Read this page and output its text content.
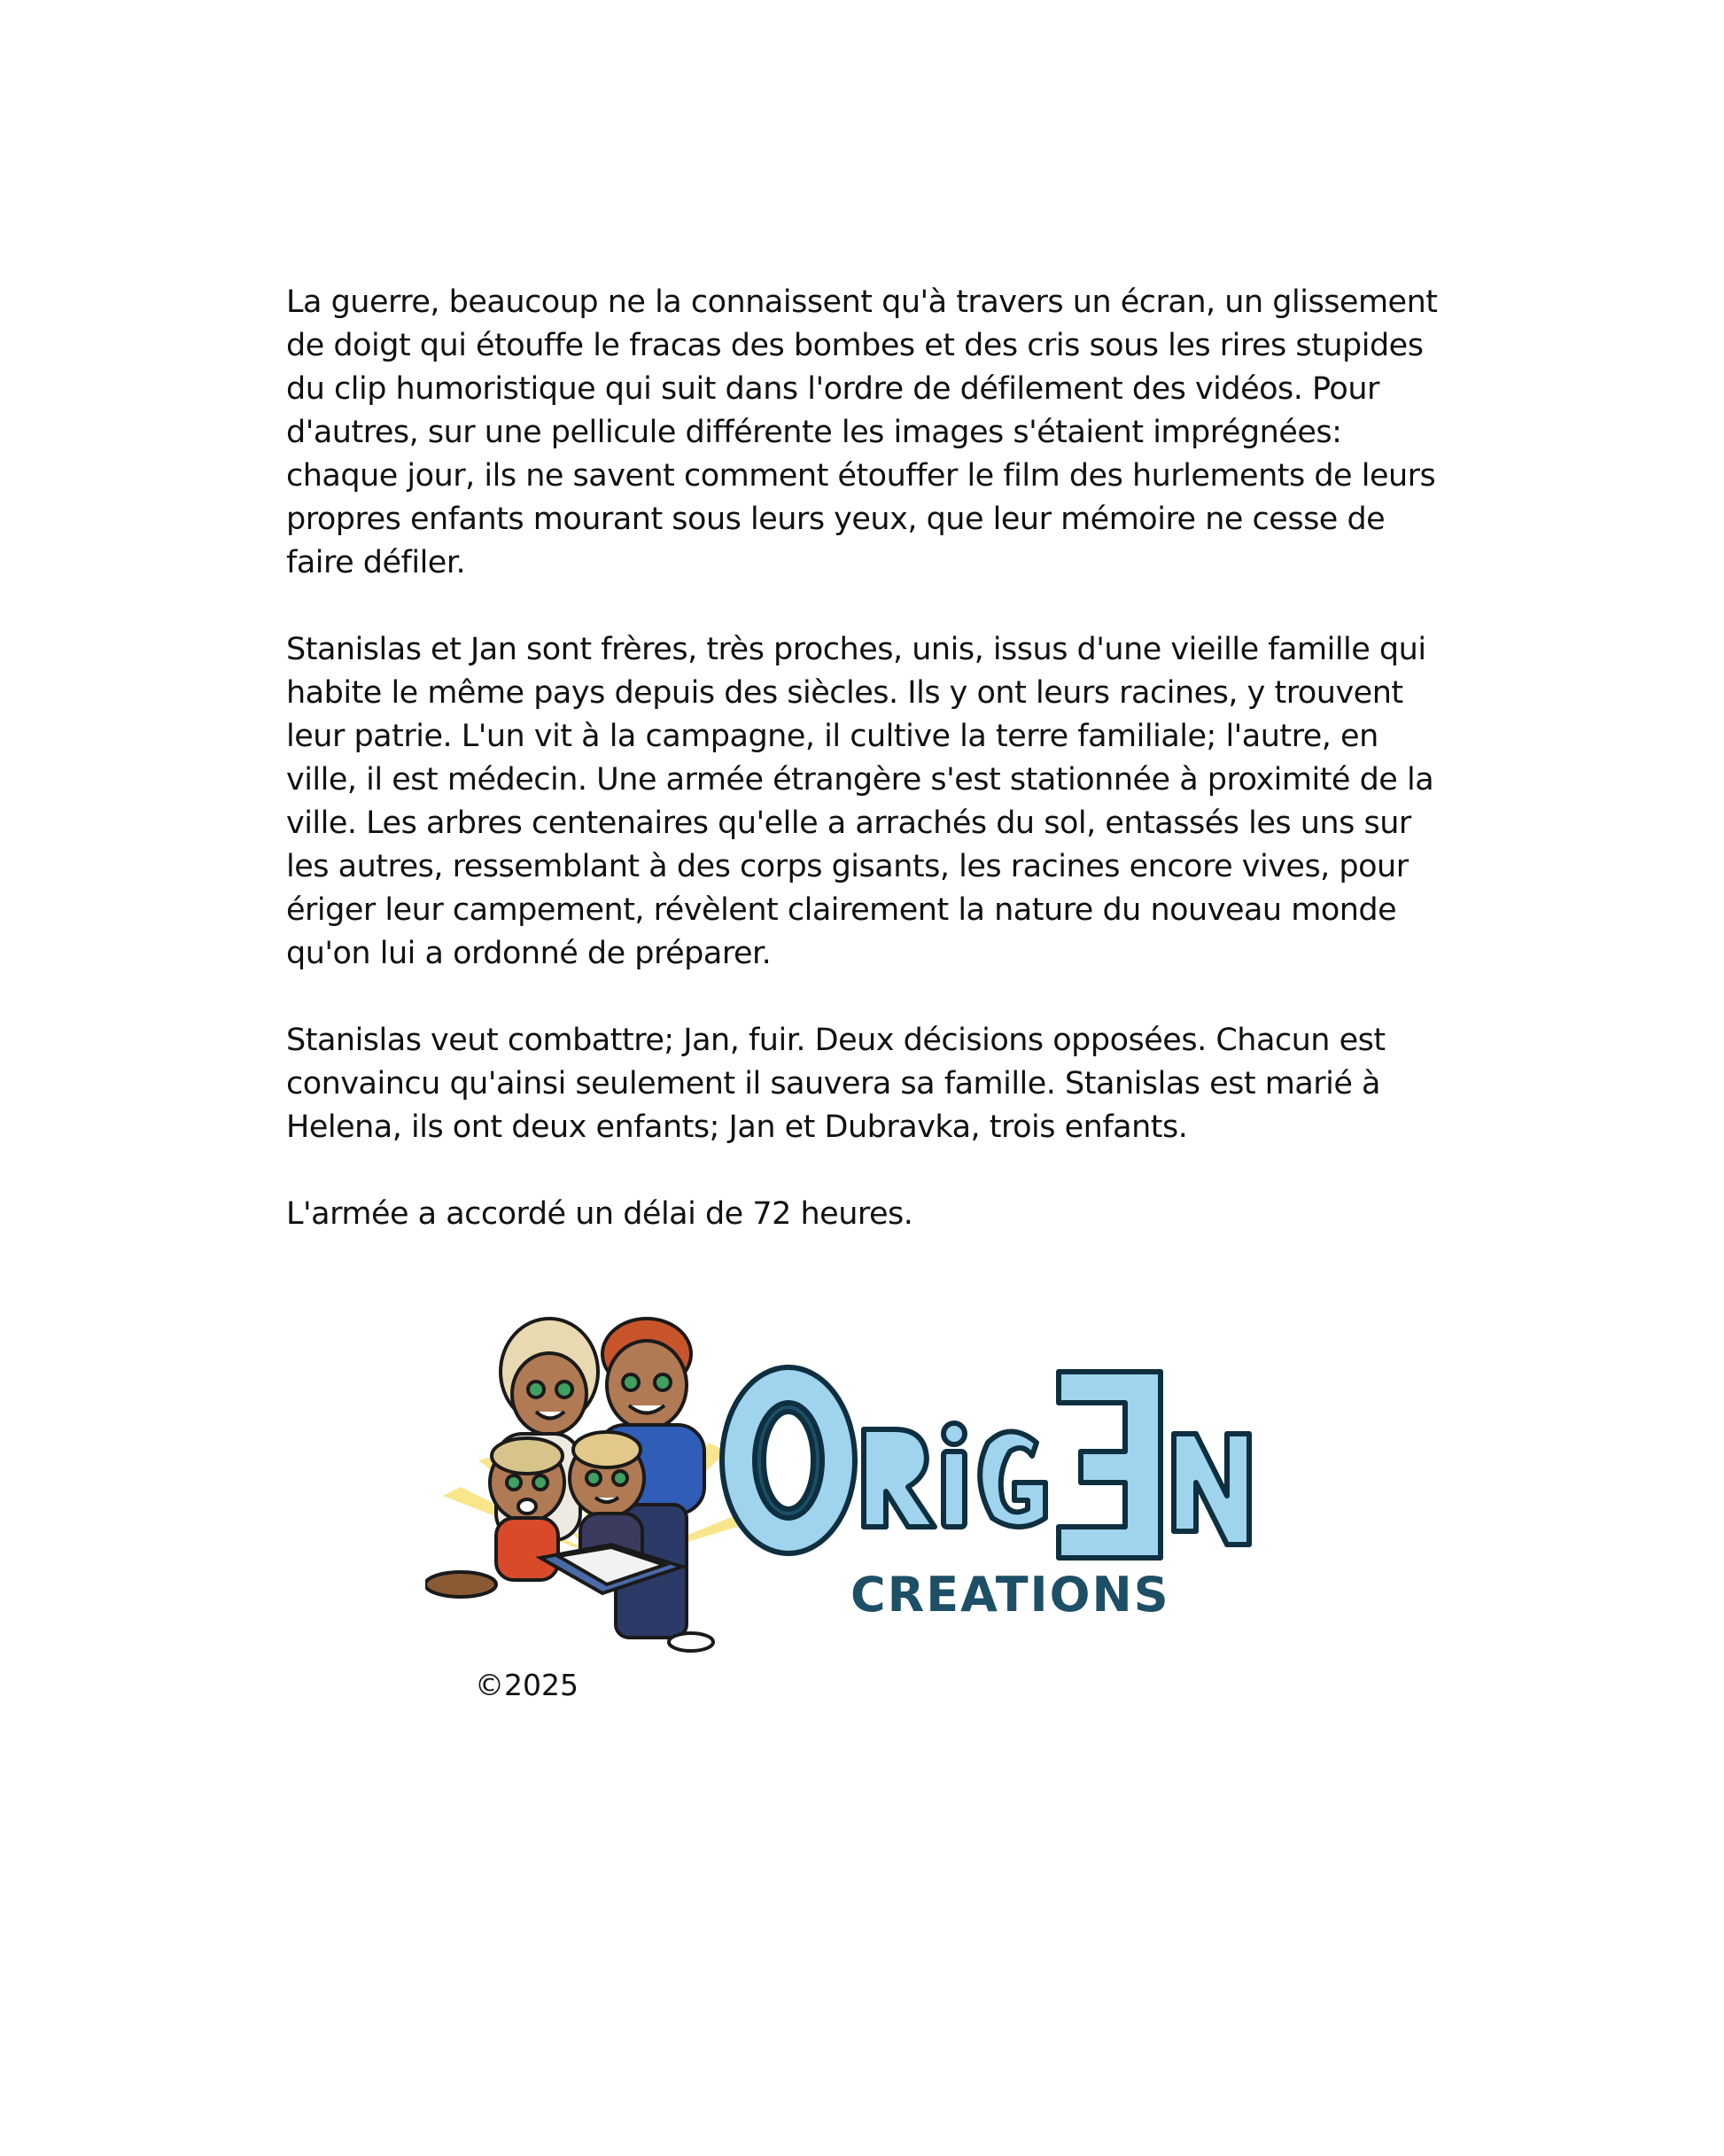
La guerre, beaucoup ne la connaissent qu'à travers un écran, un glissement de doigt qui étouffe le fracas des bombes et des cris sous les rires stupides du clip humoristique qui suit dans l'ordre de défilement des vidéos. Pour d'autres, sur une pellicule différente les images s'étaient imprégnées: chaque jour, ils ne savent comment étouffer le film des hurlements de leurs propres enfants mourant sous leurs yeux, que leur mémoire ne cesse de faire défiler.

Stanislas et Jan sont frères, très proches, unis, issus d'une vieille famille qui habite le même pays depuis des siècles. Ils y ont leurs racines, y trouvent leur patrie. L'un vit à la campagne, il cultive la terre familiale; l'autre, en ville, il est médecin. Une armée étrangère s'est stationnée à proximité de la ville. Les arbres centenaires qu'elle a arrachés du sol, entassés les uns sur les autres, ressemblant à des corps gisants, les racines encore vives, pour ériger leur campement, révèlent clairement la nature du nouveau monde qu'on lui a ordonné de préparer.

Stanislas veut combattre; Jan, fuir. Deux décisions opposées. Chacun est convaincu qu'ainsi seulement il sauvera sa famille. Stanislas est marié à Helena, ils ont deux enfants; Jan et Dubravka, trois enfants.

L'armée a accordé un délai de 72 heures.

CREATIONS
©2025
